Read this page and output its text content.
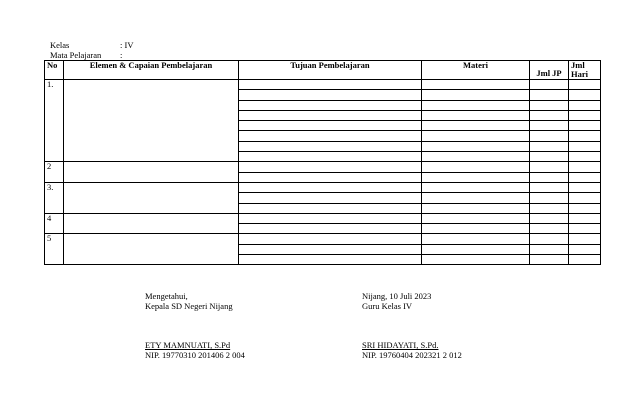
Kelas	: IV
Mata Pelajaran :
No	Elemen & Capaian Pembelajaran	Tujuan Pembelajaran	Materi	Jml JP	Jml Hari
1.					

2					

3.					

4					

5					

Mengetahui,
Kepala SD Negeri Nijang
ETY MAMNUATI, S.Pd
NIP. 19770310 201406 2 004
Nijang, 10 Juli 2023
Guru Kelas IV
SRI HIDAYATI, S.Pd.
NIP. 19760404 202321 2 012
